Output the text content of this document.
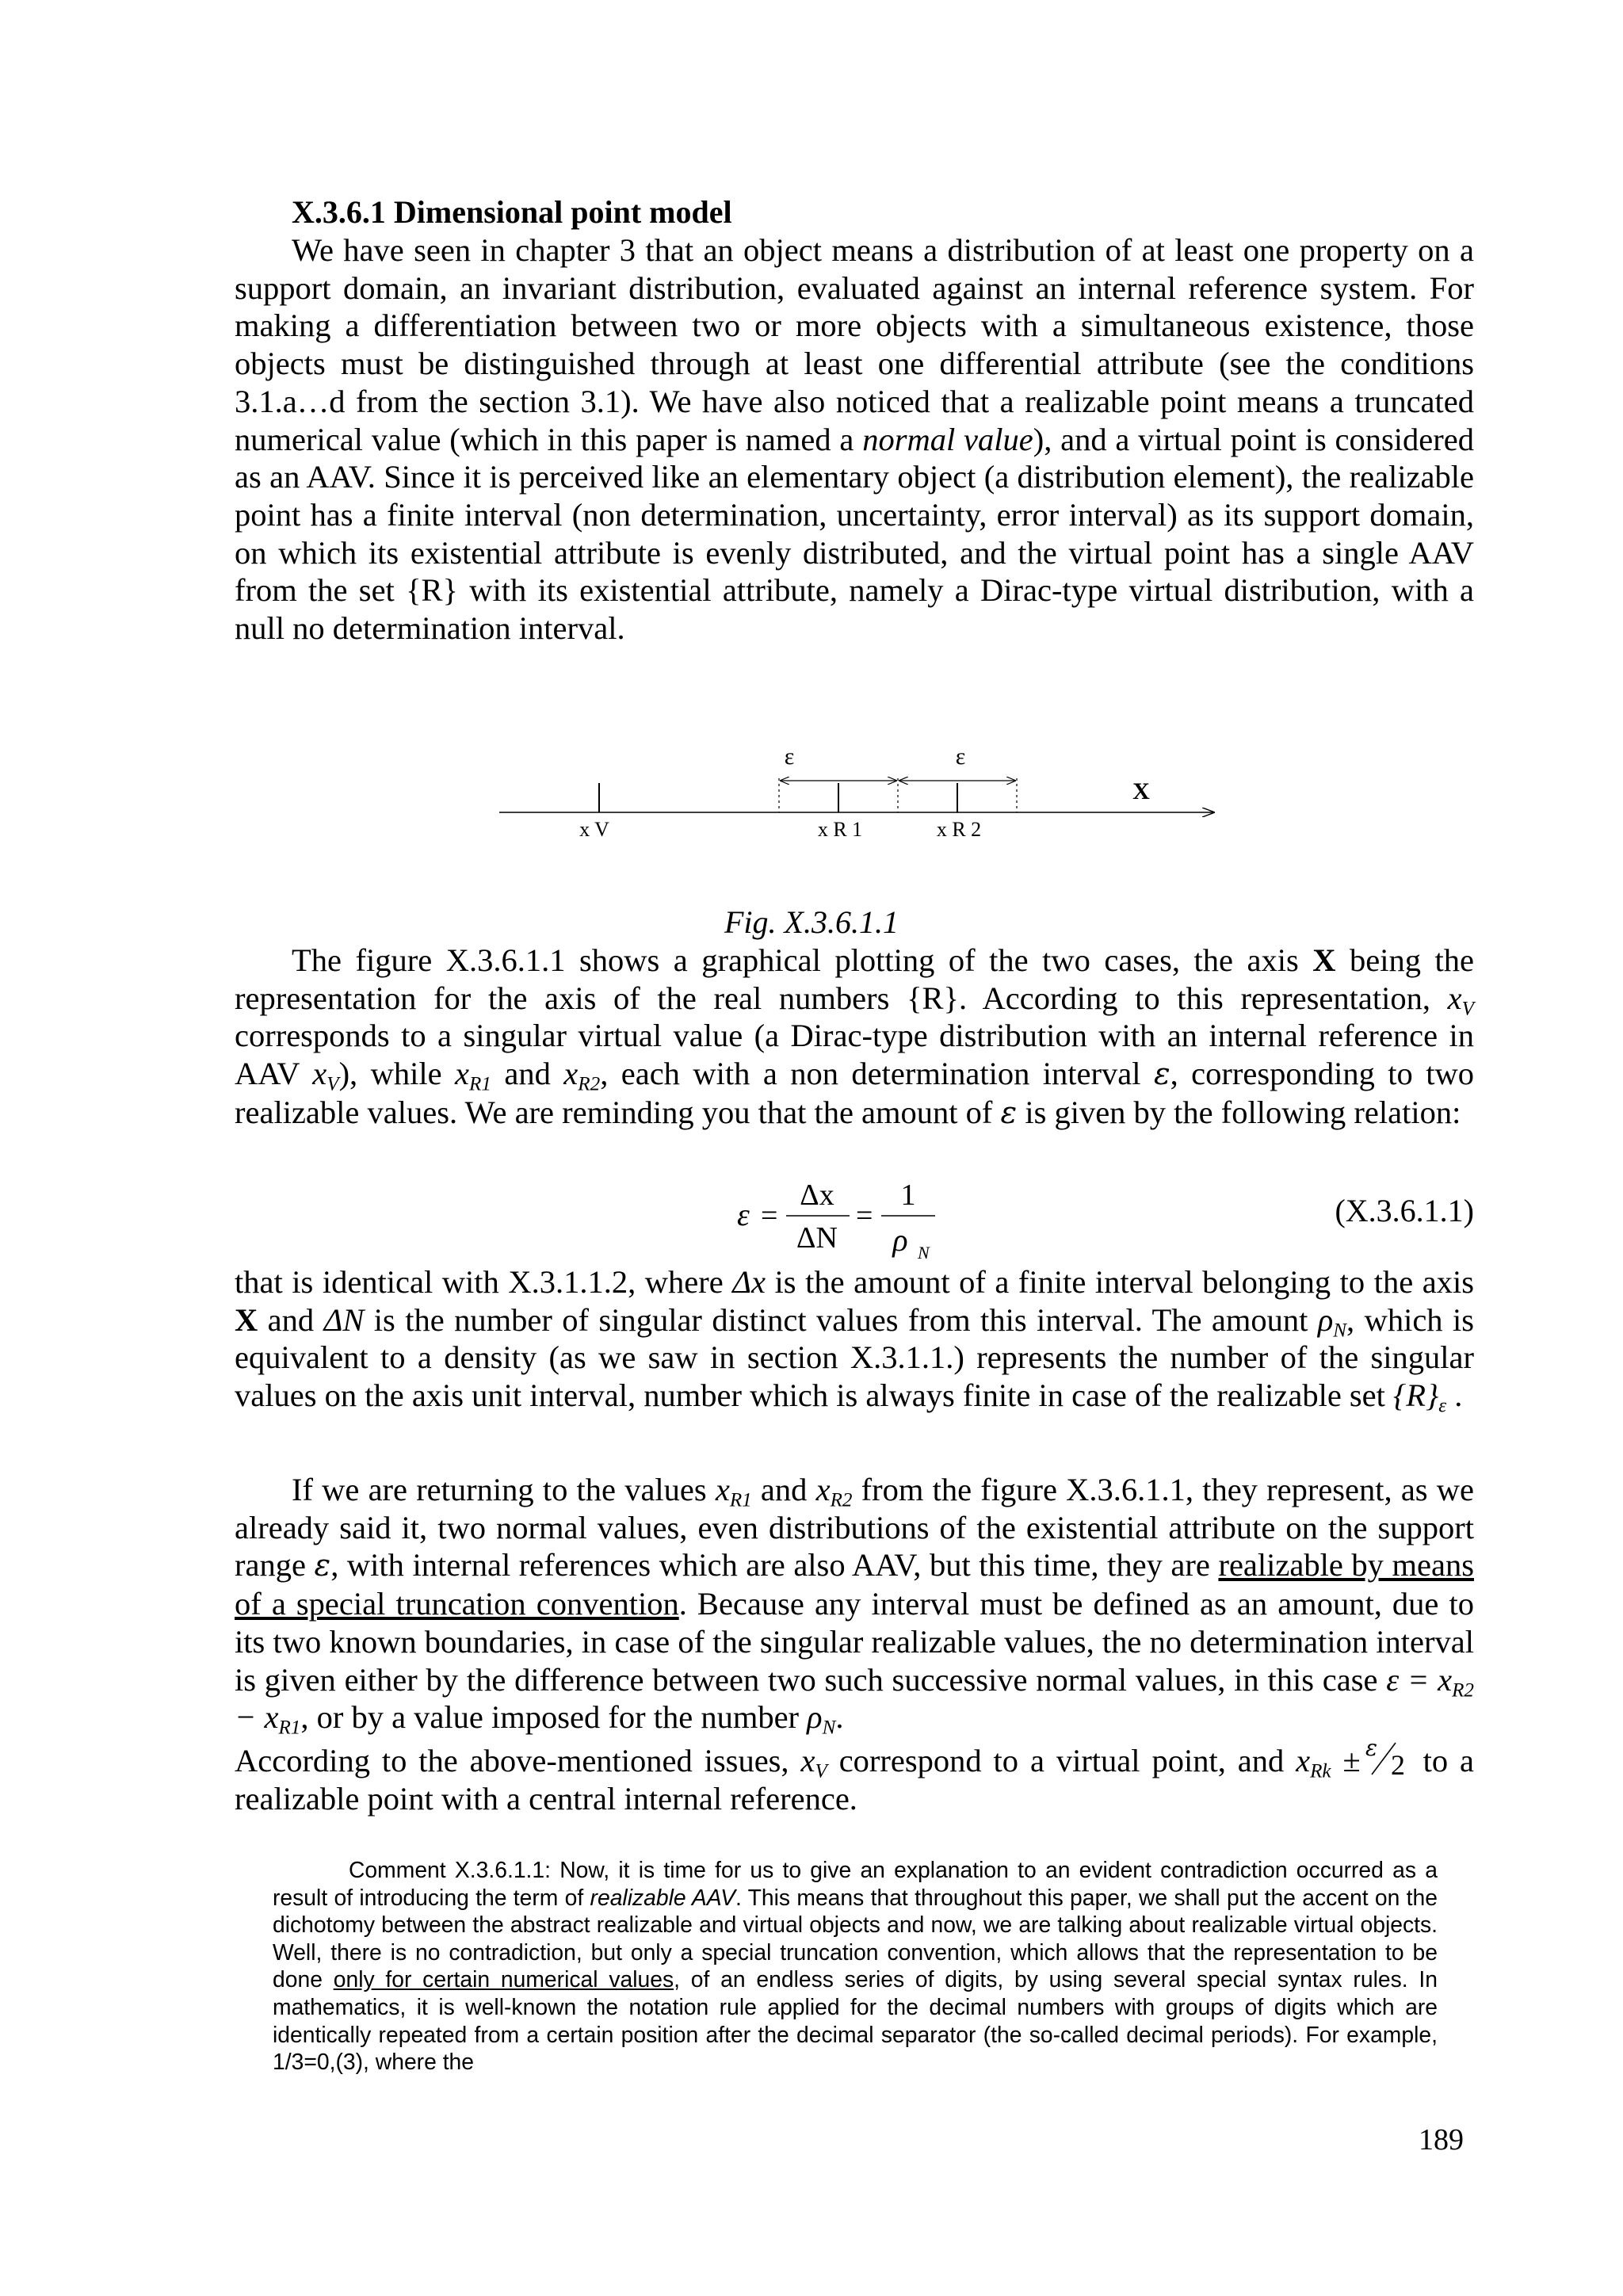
X.3.6.1 Dimensional point model

We have seen in chapter 3 that an object means a distribution of at least one property on a support domain, an invariant distribution, evaluated against an internal reference system. For making a differentiation between two or more objects with a simultaneous existence, those objects must be distinguished through at least one differential attribute (see the conditions 3.1.a…d from the section 3.1). We have also noticed that a realizable point means a truncated numerical value (which in this paper is named a normal value), and a virtual point is considered as an AAV. Since it is perceived like an elementary object (a distribution element), the realizable point has a finite interval (non determination, uncertainty, error interval) as its support domain, on which its existential attribute is evenly distributed, and the virtual point has a single AAV from the set {R} with its existential attribute, namely a Dirac-type virtual distribution, with a null no determination interval.

ε	ε
X
x V	x R 1	x R 2
Fig. X.3.6.1.1

The figure X.3.6.1.1 shows a graphical plotting of the two cases, the axis X being the representation for the axis of the real numbers {R}. According to this representation, $x_V$ corresponds to a singular virtual value (a Dirac-type distribution with an internal reference in AAV $x_V$), while $x_{R1}$ and $x_{R2}$, each with a non determination interval ε, corresponding to two realizable values. We are reminding you that the amount of ε is given by the following relation:

ε =
Δx
ΔN
=
1
ρ N
(X.3.6.1.1)

that is identical with X.3.1.1.2, where Δx is the amount of a finite interval belonging to the axis X and ΔN is the number of singular distinct values from this interval. The amount $\rho_N$, which is equivalent to a density (as we saw in section X.3.1.1.) represents the number of the singular values on the axis unit interval, number which is always finite in case of the realizable set $\{R\}_\varepsilon$ .

If we are returning to the values $x_{R1}$ and $x_{R2}$ from the figure X.3.6.1.1, they represent, as we already said it, two normal values, even distributions of the existential attribute on the support range ε, with internal references which are also AAV, but this time, they are realizable by means of a special truncation convention. Because any interval must be defined as an amount, due to its two known boundaries, in case of the singular realizable values, the no determination interval is given either by the difference between two such successive normal values, in this case $\varepsilon = x_{R2} - x_{R1}$, or by a value imposed for the number $\rho_N$.

According to the above-mentioned issues, $x_V$ correspond to a virtual point, and $x_{Rk} \pm \varepsilon$
2 to a realizable point with a central internal reference.

Comment X.3.6.1.1: Now, it is time for us to give an explanation to an evident contradiction occurred as a result of introducing the term of realizable AAV. This means that throughout this paper, we shall put the accent on the dichotomy between the abstract realizable and virtual objects and now, we are talking about realizable virtual objects. Well, there is no contradiction, but only a special truncation convention, which allows that the representation to be done only for certain numerical values, of an endless series of digits, by using several special syntax rules. In mathematics, it is well-known the notation rule applied for the decimal numbers with groups of digits which are identically repeated from a certain position after the decimal separator (the so-called decimal periods). For example, 1/3=0,(3), where the

189
